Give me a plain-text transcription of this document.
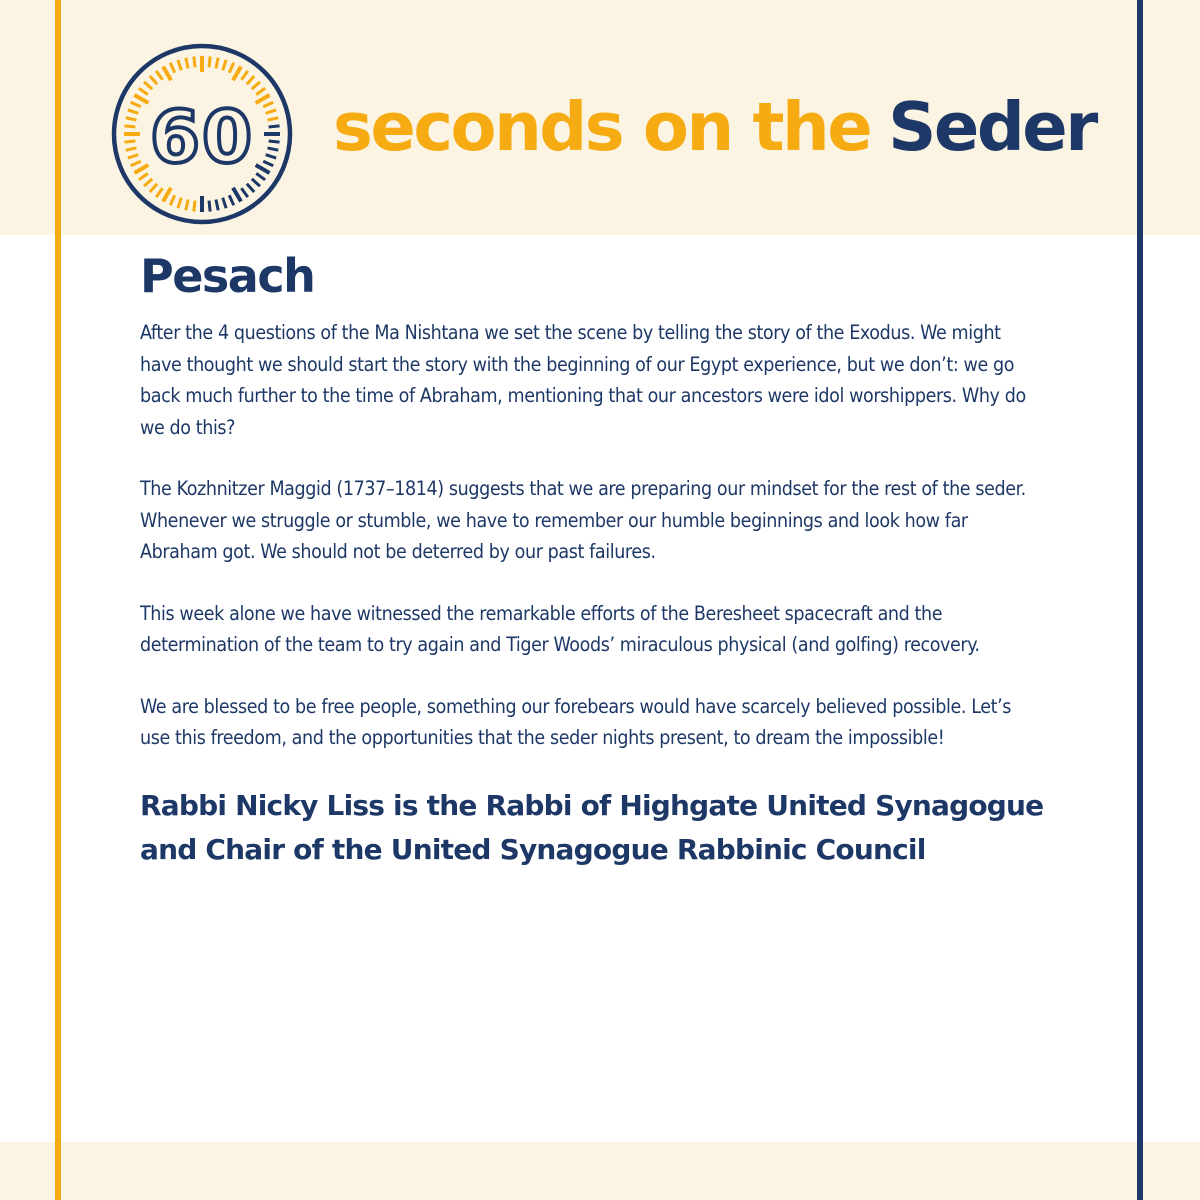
60 seconds on the Seder
Pesach

After the 4 questions of the Ma Nishtana we set the scene by telling the story of the Exodus. We might have thought we should start the story with the beginning of our Egypt experience, but we don’t: we go back much further to the time of Abraham, mentioning that our ancestors were idol worshippers. Why do we do this?

The Kozhnitzer Maggid (1737–1814) suggests that we are preparing our mindset for the rest of the seder. Whenever we struggle or stumble, we have to remember our humble beginnings and look how far Abraham got. We should not be deterred by our past failures.

This week alone we have witnessed the remarkable efforts of the Beresheet spacecraft and the determination of the team to try again and Tiger Woods’ miraculous physical (and golfing) recovery.

We are blessed to be free people, something our forebears would have scarcely believed possible. Let’s use this freedom, and the opportunities that the seder nights present, to dream the impossible!

Rabbi Nicky Liss is the Rabbi of Highgate United Synagogue and Chair of the United Synagogue Rabbinic Council
